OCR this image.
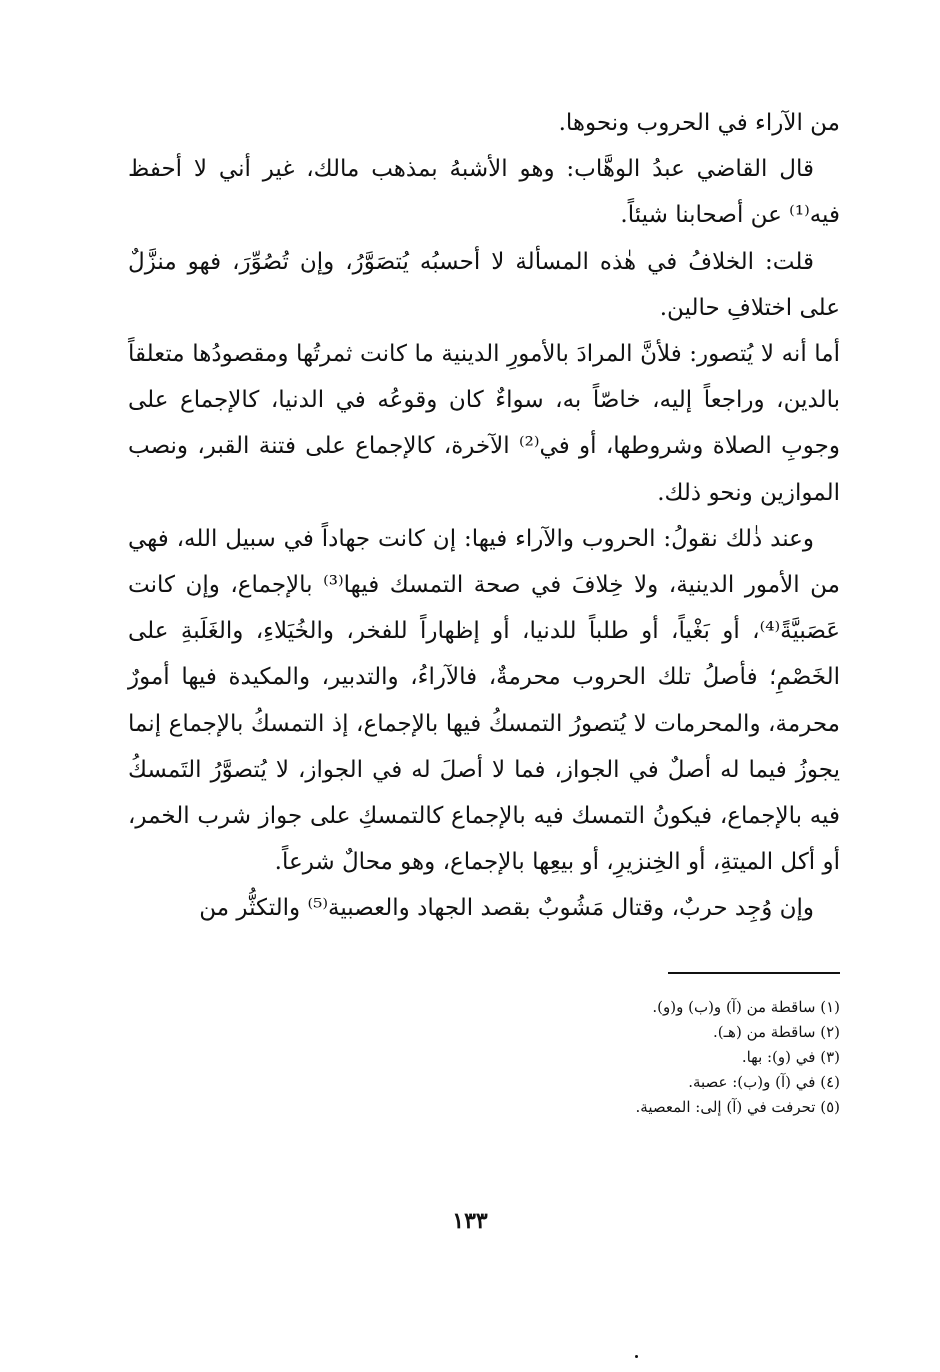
من الآراء في الحروب ونحوها.

قال القاضي عبدُ الوهَّاب: وهو الأشبهُ بمذهب مالك، غير أني لا أحفظ فيه⁽¹⁾ عن أصحابنا شيئاً.

قلت: الخلافُ في هٰذه المسألة لا أحسبُه يُتصَوَّرُ، وإن تُصُوِّرَ، فهو منزَّلٌ على اختلافِ حالين.

أما أنه لا يُتصور: فلأنَّ المرادَ بالأمورِ الدينية ما كانت ثمرتُها ومقصودُها متعلقاً بالدين، وراجعاً إليه، خاصّاً به، سواءٌ كان وقوعُه في الدنيا، كالإجماع على وجوبِ الصلاة وشروطها، أو في⁽²⁾ الآخرة، كالإجماع على فتنة القبر، ونصب الموازين ونحو ذلك.

وعند ذٰلك نقولُ: الحروب والآراء فيها: إن كانت جهاداً في سبيل الله، فهي من الأمور الدينية، ولا خِلافَ في صحة التمسك فيها⁽³⁾ بالإجماع، وإن كانت عَصَبيَّةً⁽⁴⁾، أو بَغْياً، أو طلباً للدنيا، أو إظهاراً للفخر، والخُيَلاءِ، والغَلَبةِ على الخَصْمِ؛ فأصلُ تلك الحروب محرمةٌ، فالآراءُ، والتدبير، والمكيدة فيها أمورٌ محرمة، والمحرمات لا يُتصورُ التمسكُ فيها بالإجماع، إذ التمسكُ بالإجماع إنما يجوزُ فيما له أصلٌ في الجواز، فما لا أصلَ له في الجواز، لا يُتصوَّرُ التَمسكُ فيه بالإجماع، فيكونُ التمسك فيه بالإجماع كالتمسكِ على جواز شرب الخمر، أو أكل الميتةِ، أو الخِنزيرِ، أو بيعِها بالإجماع، وهو محالٌ شرعاً.

وإن وُجِد حربٌ، وقتال مَشُوبٌ بقصد الجهاد والعصبية⁽⁵⁾ والتكثُّر من

(١) ساقطة من (آ) و(ب) و(و).

(٢) ساقطة من (هـ).

(٣) في (و): بها.

(٤) في (آ) و(ب): عصبة.

(٥) تحرفت في (آ) إلى: المعصية.

١٣٣
